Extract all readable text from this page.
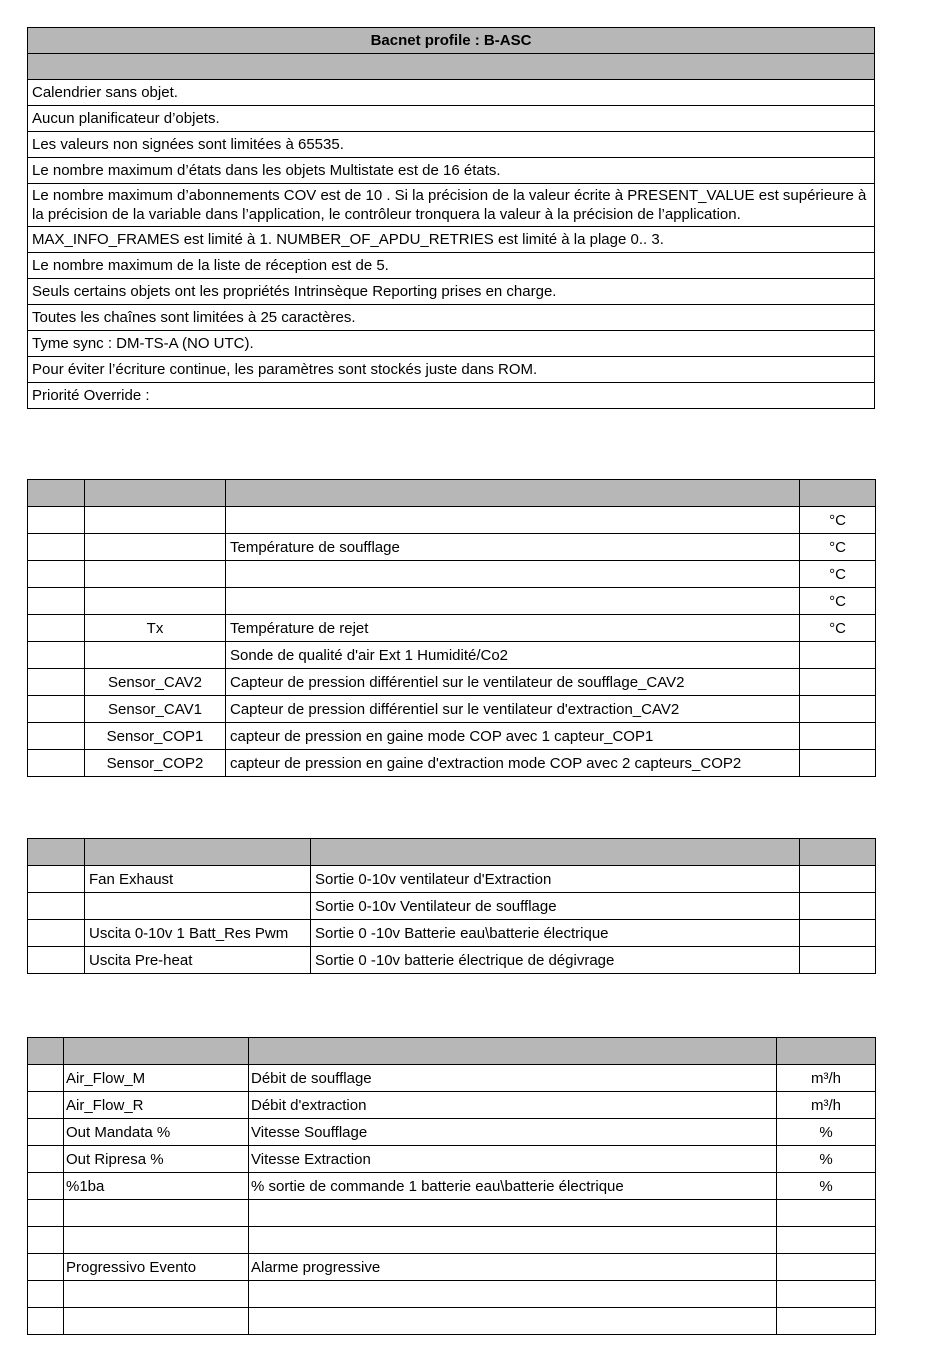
Bacnet profile : B-ASC

Calendrier sans objet.
Aucun planificateur d’objets.
Les valeurs non signées sont limitées à 65535.
Le nombre maximum d’états dans les objets Multistate est de 16 états.
Le nombre maximum d’abonnements COV est de 10 . Si la précision de la valeur écrite à PRESENT_VALUE est supérieure à la précision de la variable dans l’application, le contrôleur tronquera la valeur à la précision de l’application.
MAX_INFO_FRAMES est limité à 1. NUMBER_OF_APDU_RETRIES est limité à la plage 0.. 3.
Le nombre maximum de la liste de réception est de 5.
Seuls certains objets ont les propriétés Intrinsèque Reporting prises en charge.
Toutes les chaînes sont limitées à 25 caractères.
Tyme sync : DM-TS-A (NO UTC).
Pour éviter l’écriture continue, les paramètres sont stockés juste dans ROM.
Priorité Override :

			°C
		Température de soufflage	°C
			°C
			°C
	Tx	Température de rejet	°C
		Sonde de qualité d'air Ext 1 Humidité/Co2	
	Sensor_CAV2	Capteur de pression différentiel sur le ventilateur de soufflage_CAV2	
	Sensor_CAV1	Capteur de pression différentiel sur le ventilateur d'extraction_CAV2	
	Sensor_COP1	capteur de pression en gaine mode COP avec 1 capteur_COP1	
	Sensor_COP2	capteur de pression en gaine d'extraction mode COP avec 2 capteurs_COP2	

	Fan Exhaust	Sortie 0-10v ventilateur d'Extraction	
		Sortie 0-10v Ventilateur de soufflage	
	Uscita 0-10v 1 Batt_Res Pwm	Sortie 0 -10v Batterie eau\batterie électrique	
	Uscita Pre-heat	Sortie 0 -10v batterie électrique de dégivrage	

	Air_Flow_M	Débit de soufflage	m³/h
	Air_Flow_R	Débit d'extraction	m³/h
	Out Mandata %	Vitesse Soufflage	%
	Out Ripresa %	Vitesse Extraction	%
	%1ba	% sortie de commande 1 batterie eau\batterie électrique	%

	Progressivo Evento	Alarme progressive	
